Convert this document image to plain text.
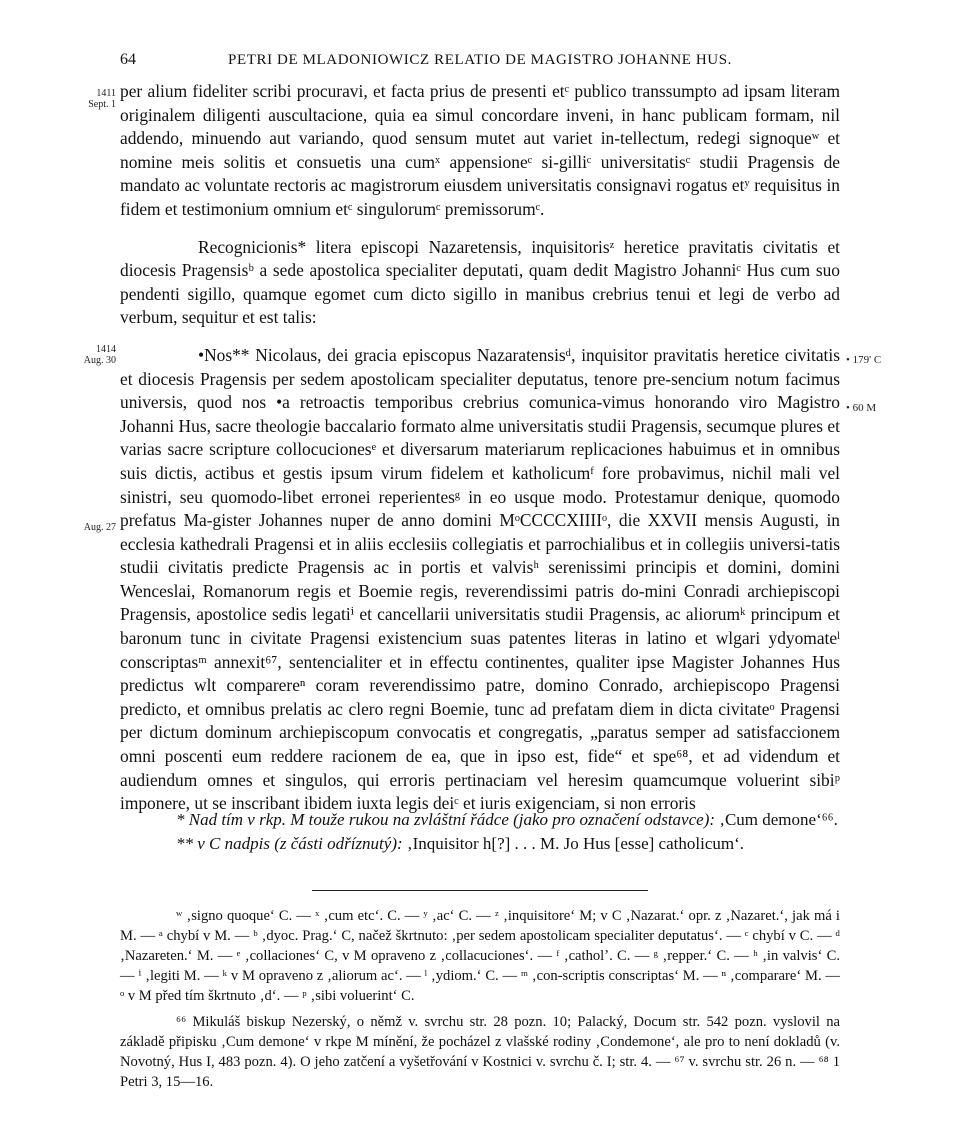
64	PETRI DE MLADONIOWICZ RELATIO DE MAGISTRO JOHANNE HUS.
1411
Sept. 1
1414
Aug. 30
Aug. 27
• 179' C
• 60 M

per alium fideliter scribi procuravi, et facta prius de presenti etᶜ publico transsumpto ad ipsam literam originalem diligenti auscultacione, quia ea simul concordare inveni, in hanc publicam formam, nil addendo, minuendo aut variando, quod sensum mutet aut variet in-tellectum, redegi signoqueʷ et nomine meis solitis et consuetis una cumˣ appensioneᶜ si-gilliᶜ universitatisᶜ studii Pragensis de mandato ac voluntate rectoris ac magistrorum eiusdem universitatis consignavi rogatus etʸ requisitus in fidem et testimonium omnium etᶜ singulorumᶜ premissorumᶜ.

Recognicionis* litera episcopi Nazaretensis, inquisitorisᶻ heretice pravitatis civitatis et diocesis Pragensisᵇ a sede apostolica specialiter deputati, quam dedit Magistro Johanniᶜ Hus cum suo pendenti sigillo, quamque egomet cum dicto sigillo in manibus crebrius tenui et legi de verbo ad verbum, sequitur et est talis:

•Nos** Nicolaus, dei gracia episcopus Nazaratensisᵈ, inquisitor pravitatis heretice civitatis et diocesis Pragensis per sedem apostolicam specialiter deputatus, tenore pre-sencium notum facimus universis, quod nos •a retroactis temporibus crebrius comunica-vimus honorando viro Magistro Johanni Hus, sacre theologie baccalario formato alme universitatis studii Pragensis, secumque plures et varias sacre scripture collocucionesᵉ et diversarum materiarum replicaciones habuimus et in omnibus suis dictis, actibus et gestis ipsum virum fidelem et katholicumᶠ fore probavimus, nichil mali vel sinistri, seu quomodo-libet erronei reperientesᵍ in eo usque modo. Protestamur denique, quomodo prefatus Ma-gister Johannes nuper de anno domini MᵒCCCCXIIIIᵒ, die XXVII mensis Augusti, in ecclesia kathedrali Pragensi et in aliis ecclesiis collegiatis et parrochialibus et in collegiis universi-tatis studii civitatis predicte Pragensis ac in portis et valvisʰ serenissimi principis et domini, domini Wenceslai, Romanorum regis et Boemie regis, reverendissimi patris do-mini Conradi archiepiscopi Pragensis, apostolice sedis legatiⁱ et cancellarii universitatis studii Pragensis, ac aliorumᵏ principum et baronum tunc in civitate Pragensi existencium suas patentes literas in latino et wlgari ydyomateˡ conscriptasᵐ annexit⁶⁷, sentencialiter et in effectu continentes, qualiter ipse Magister Johannes Hus predictus wlt comparereⁿ coram reverendissimo patre, domino Conrado, archiepiscopo Pragensi predicto, et omnibus prelatis ac clero regni Boemie, tunc ad prefatam diem in dicta civitateᵒ Pragensi per dictum dominum archiepiscopum convocatis et congregatis, „paratus semper ad satisfaccionem omni poscenti eum reddere racionem de ea, que in ipso est, fide“ et spe⁶⁸, et ad videndum et audiendum omnes et singulos, qui erroris pertinaciam vel heresim quamcumque voluerint sibiᵖ imponere, ut se inscribant ibidem iuxta legis deiᶜ et iuris exigenciam, si non erroris

* Nad tím v rkp. M touže rukou na zvláštní řádce (jako pro označení odstavce): ‚Cum demone‘⁶⁶.

** v C nadpis (z části odříznutý): ‚Inquisitor h[?] . . . M. Jo Hus [esse] catholicum‘.

ʷ ‚signo quoque‘ C. — ˣ ‚cum etc‘. C. — ʸ ‚ac‘ C. — ᶻ ‚inquisitore‘ M; v C ‚Nazarat.‘ opr. z ‚Nazaret.‘, jak má i M. — ᵃ chybí v M. — ᵇ ‚dyoc. Prag.‘ C, načež škrtnuto: ‚per sedem apostolicam specialiter deputatus‘. — ᶜ chybí v C. — ᵈ ‚Nazareten.‘ M. — ᵉ ‚collaciones‘ C, v M opraveno z ‚collacuciones‘. — ᶠ ‚catholʼ. C. — ᵍ ‚repper.‘ C. — ʰ ‚in valvis‘ C. — ⁱ ‚legiti M. — ᵏ v M opraveno z ‚aliorum ac‘. — ˡ ‚ydiom.‘ C. — ᵐ ‚con-scriptis conscriptas‘ M. — ⁿ ‚comparare‘ M. — ᵒ v M před tím škrtnuto ‚d‘. — ᵖ ‚sibi voluerint‘ C.

⁶⁶ Mikuláš biskup Nezerský, o němž v. svrchu str. 28 pozn. 10; Palacký, Docum str. 542 pozn. vyslovil na základě připisku ‚Cum demone‘ v rkpe M mínění, že pocházel z vlašské rodiny ‚Condemone‘, ale pro to není dokladů (v. Novotný, Hus I, 483 pozn. 4). O jeho zatčení a vyšetřování v Kostnici v. svrchu č. I; str. 4. — ⁶⁷ v. svrchu str. 26 n. — ⁶⁸ 1 Petri 3, 15—16.
